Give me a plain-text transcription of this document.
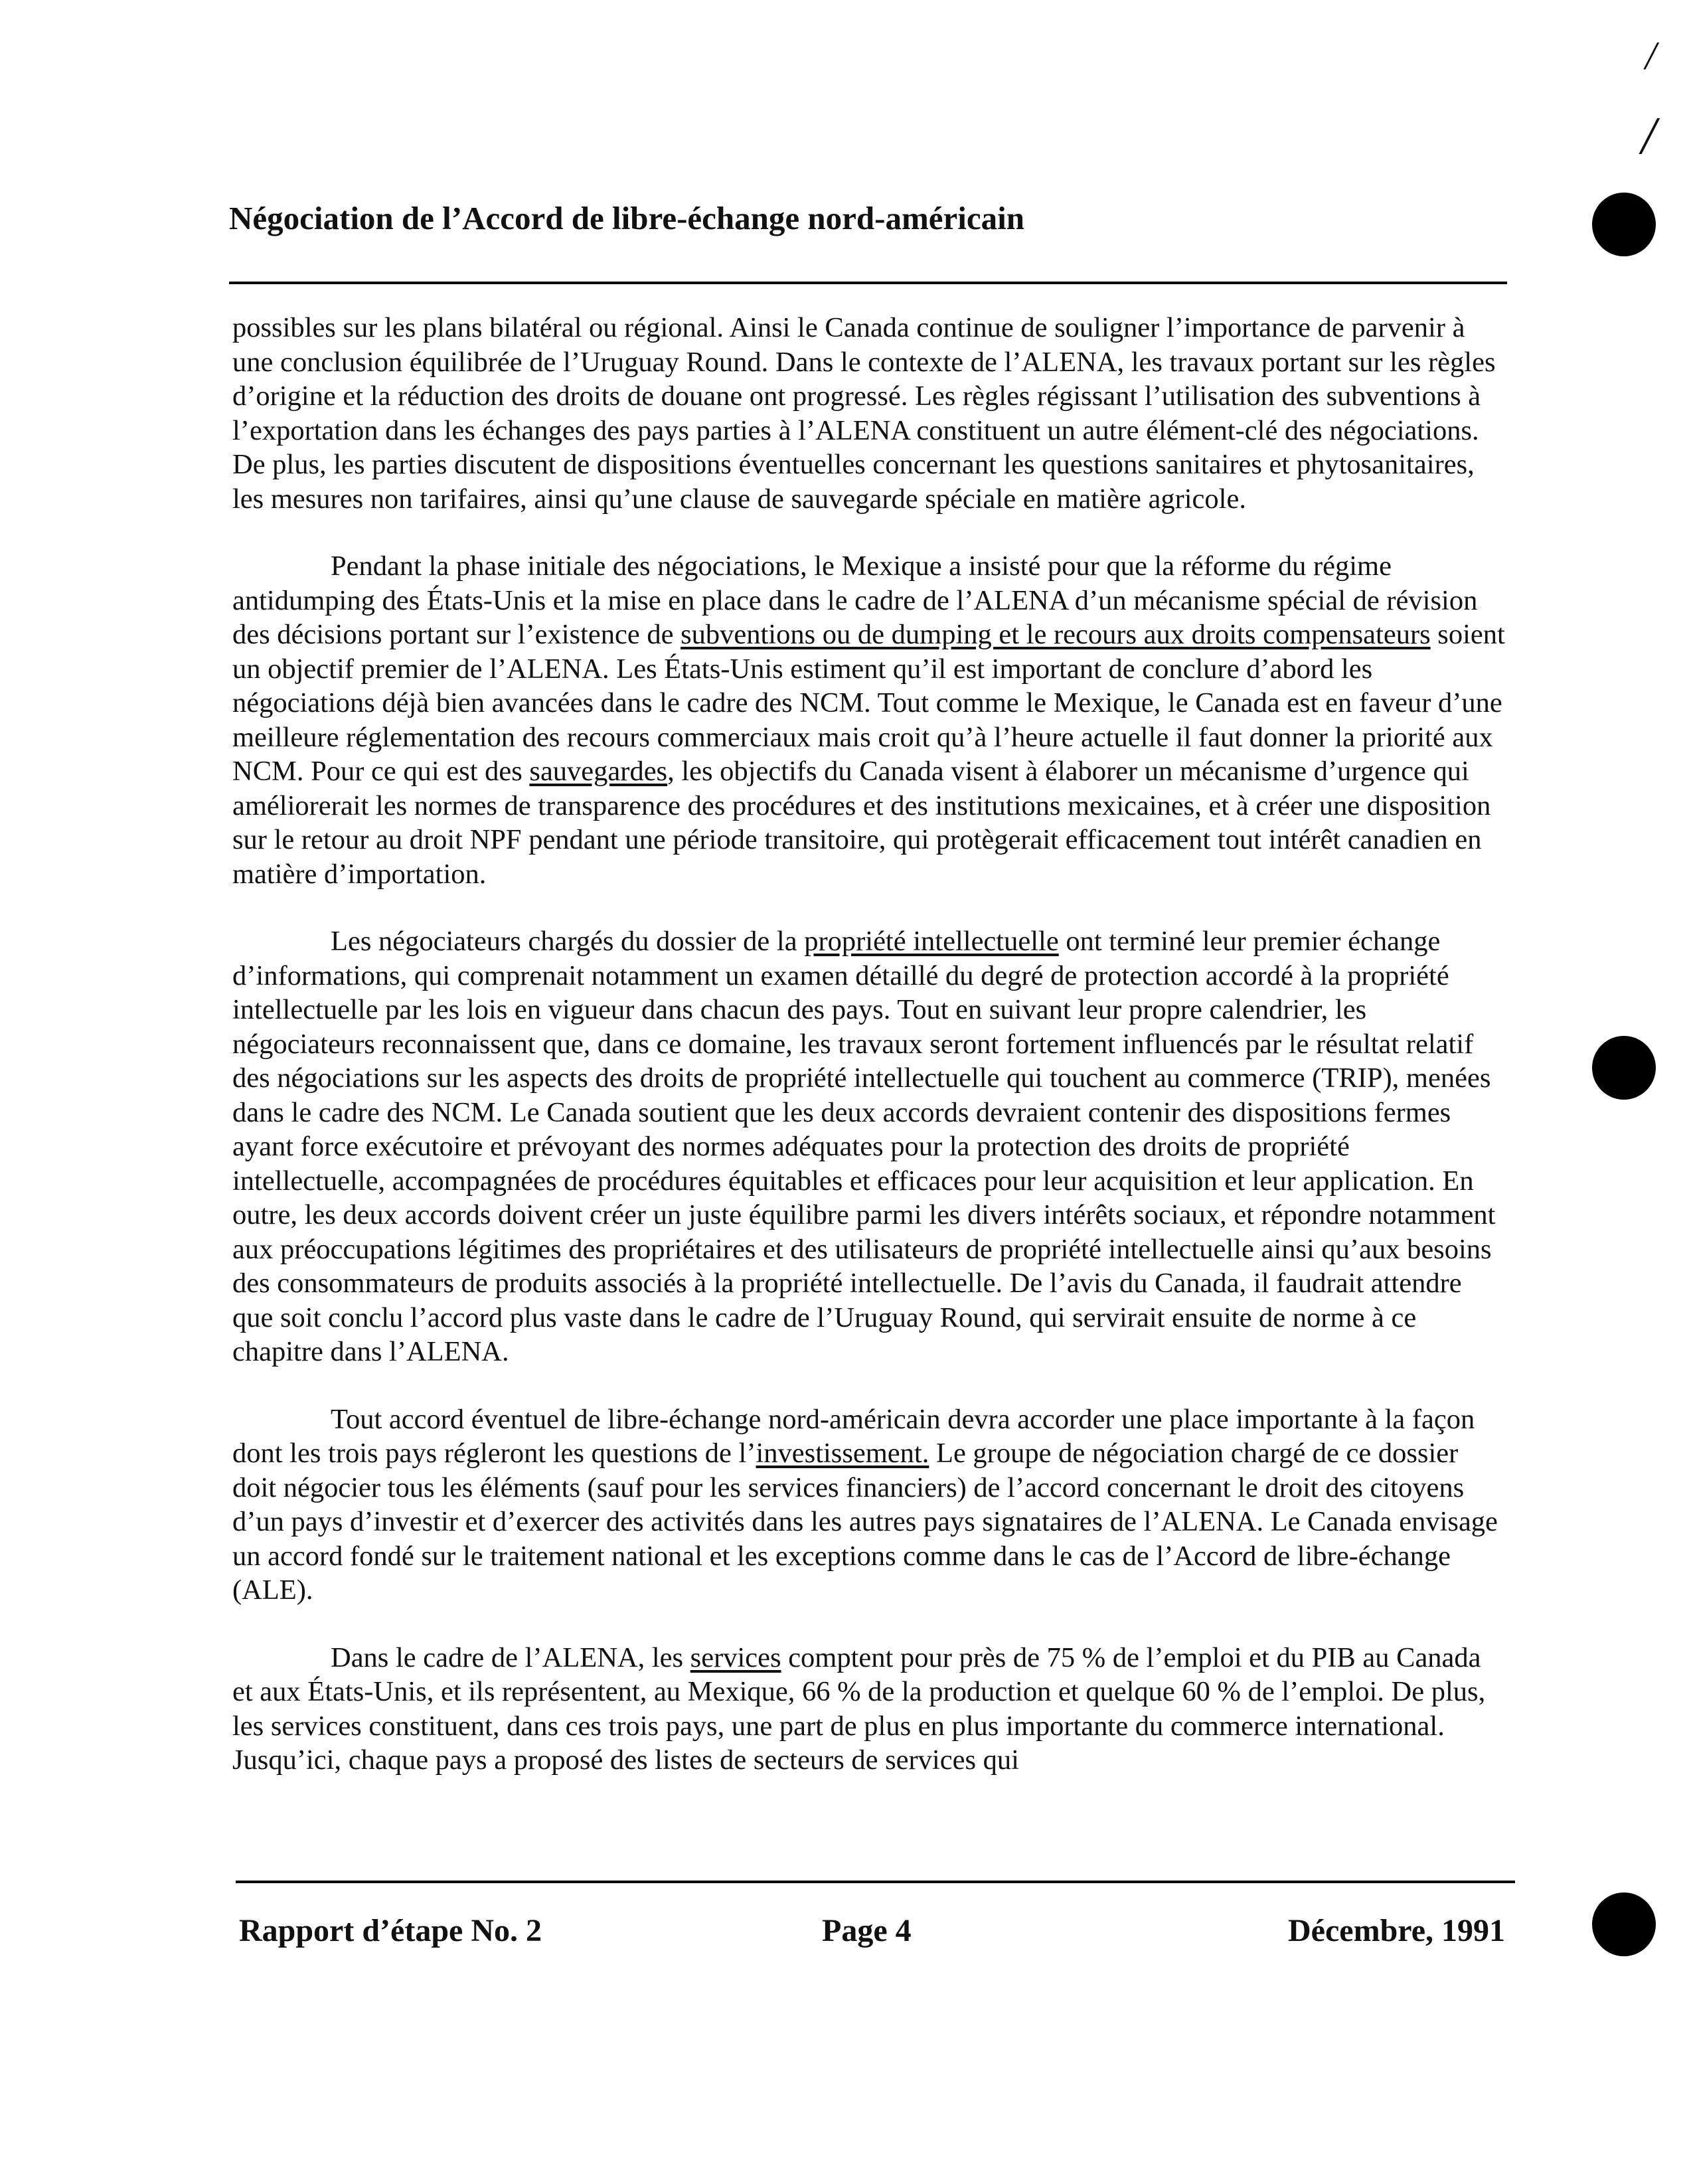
/
/
Négociation de l’Accord de libre-échange nord-américain

possibles sur les plans bilatéral ou régional. Ainsi le Canada continue de souligner l’importance de parvenir à une conclusion équilibrée de l’Uruguay Round. Dans le contexte de l’ALENA, les travaux portant sur les règles d’origine et la réduction des droits de douane ont progressé. Les règles régissant l’utilisation des subventions à l’exportation dans les échanges des pays parties à l’ALENA constituent un autre élément-clé des négociations. De plus, les parties discutent de dispositions éventuelles concernant les questions sanitaires et phytosanitaires, les mesures non tarifaires, ainsi qu’une clause de sauvegarde spéciale en matière agricole.

Pendant la phase initiale des négociations, le Mexique a insisté pour que la réforme du régime antidumping des États-Unis et la mise en place dans le cadre de l’ALENA d’un mécanisme spécial de révision des décisions portant sur l’existence de subventions ou de dumping et le recours aux droits compensateurs soient un objectif premier de l’ALENA. Les États-Unis estiment qu’il est important de conclure d’abord les négociations déjà bien avancées dans le cadre des NCM. Tout comme le Mexique, le Canada est en faveur d’une meilleure réglementation des recours commerciaux mais croit qu’à l’heure actuelle il faut donner la priorité aux NCM. Pour ce qui est des sauvegardes, les objectifs du Canada visent à élaborer un mécanisme d’urgence qui améliorerait les normes de transparence des procédures et des institutions mexicaines, et à créer une disposition sur le retour au droit NPF pendant une période transitoire, qui protègerait efficacement tout intérêt canadien en matière d’importation.

Les négociateurs chargés du dossier de la propriété intellectuelle ont terminé leur premier échange d’informations, qui comprenait notamment un examen détaillé du degré de protection accordé à la propriété intellectuelle par les lois en vigueur dans chacun des pays. Tout en suivant leur propre calendrier, les négociateurs reconnaissent que, dans ce domaine, les travaux seront fortement influencés par le résultat relatif des négociations sur les aspects des droits de propriété intellectuelle qui touchent au commerce (TRIP), menées dans le cadre des NCM. Le Canada soutient que les deux accords devraient contenir des dispositions fermes ayant force exécutoire et prévoyant des normes adéquates pour la protection des droits de propriété intellectuelle, accompagnées de procédures équitables et efficaces pour leur acquisition et leur application. En outre, les deux accords doivent créer un juste équilibre parmi les divers intérêts sociaux, et répondre notamment aux préoccupations légitimes des propriétaires et des utilisateurs de propriété intellectuelle ainsi qu’aux besoins des consommateurs de produits associés à la propriété intellectuelle. De l’avis du Canada, il faudrait attendre que soit conclu l’accord plus vaste dans le cadre de l’Uruguay Round, qui servirait ensuite de norme à ce chapitre dans l’ALENA.

Tout accord éventuel de libre-échange nord-américain devra accorder une place importante à la façon dont les trois pays régleront les questions de l’investissement. Le groupe de négociation chargé de ce dossier doit négocier tous les éléments (sauf pour les services financiers) de l’accord concernant le droit des citoyens d’un pays d’investir et d’exercer des activités dans les autres pays signataires de l’ALENA. Le Canada envisage un accord fondé sur le traitement national et les exceptions comme dans le cas de l’Accord de libre-échange (ALE).

Dans le cadre de l’ALENA, les services comptent pour près de 75 % de l’emploi et du PIB au Canada et aux États-Unis, et ils représentent, au Mexique, 66 % de la production et quelque 60 % de l’emploi. De plus, les services constituent, dans ces trois pays, une part de plus en plus importante du commerce international. Jusqu’ici, chaque pays a proposé des listes de secteurs de services qui

Rapport d’étape No. 2	Page 4	Décembre, 1991
